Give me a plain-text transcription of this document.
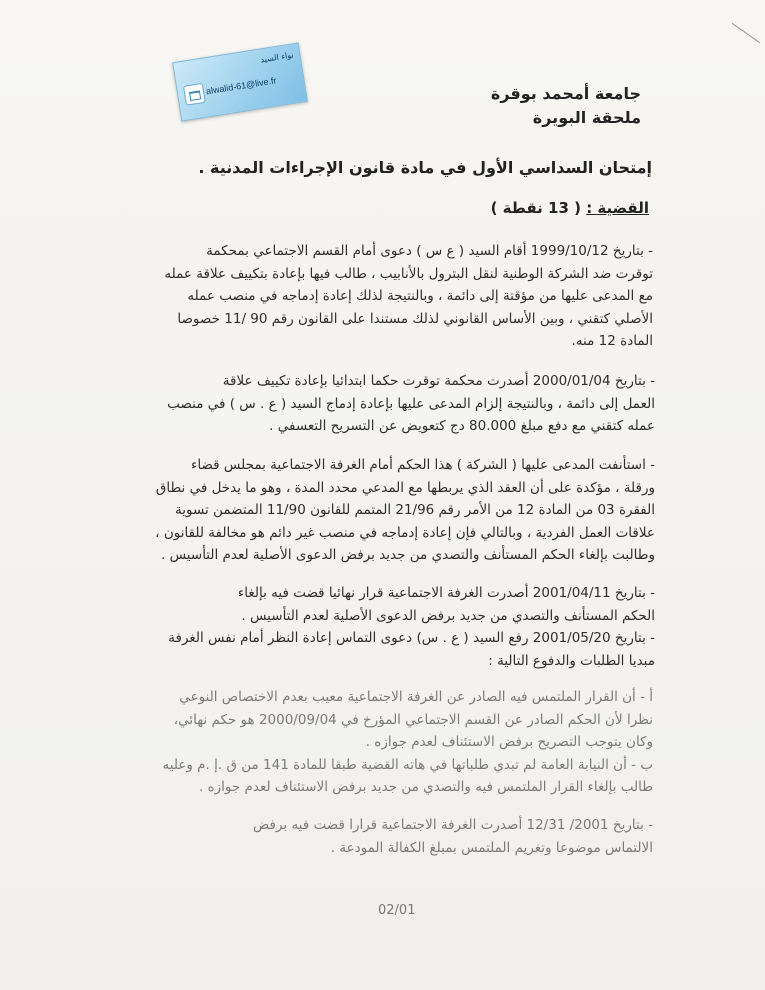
نواء السيد
alwalid-61@live.fr	جامعة أمحمد بوقرة
ملحقة البويرة
إمتحان السداسي الأول في مادة قانون الإجراءات المدنية .
القضية : ( 13 نقطة )

- بتاريخ 1999/10/12 أقام السيد ( ع س ) دعوى أمام القسم الاجتماعي بمحكمة

توقرت ضد الشركة الوطنية لنقل البترول بالأنابيب ، طالب فيها بإعادة بتكييف علاقة عمله

مع المدعى عليها من مؤقتة إلى دائمة ، وبالنتيجة لذلك إعادة إدماجه في منصب عمله

الأصلي كتقني ، وبين الأساس القانوني لذلك مستندا على القانون رقم 90 /11 خصوصا

المادة 12 منه.

- بتاريخ 2000/01/04 أصدرت محكمة توقرت حكما ابتدائيا بإعادة تكييف علاقة

العمل إلى دائمة ، وبالنتيجة إلزام المدعى عليها بإعادة إدماج السيد ( ع . س ) في منصب

عمله كتقني مع دفع مبلغ 80.000 دج كتعويض عن التسريح التعسفي .

- استأنفت المدعى عليها ( الشركة ) هذا الحكم أمام الغرفة الاجتماعية بمجلس قضاء

ورقلة ، مؤكدة على أن العقد الذي يربطها مع المدعي محدد المدة ، وهو ما يدخل في نطاق

الفقرة 03 من المادة 12 من الأمر رقم 21/96 المتمم للقانون 11/90 المتضمن تسوية

علاقات العمل الفردية ، وبالتالي فإن إعادة إدماجه في منصب غير دائم هو مخالفة للقانون ،

وطالبت بإلغاء الحكم المستأنف والتصدي من جديد برفض الدعوى الأصلية لعدم التأسيس .

- بتاريخ 2001/04/11 أصدرت الغرفة الاجتماعية قرار نهائيا قضت فيه بإلغاء

الحكم المستأنف والتصدي من جديد برفض الدعوى الأصلية لعدم التأسيس .

- بتاريخ 2001/05/20 رفع السيد ( ع . س) دعوى التماس إعادة النظر أمام نفس الغرفة

مبديا الطلبات والدفوع التالية :

أ - أن القرار الملتمس فيه الصادر عن الغرفة الاجتماعية معيب بعدم الاختصاص النوعي

نظرا لأن الحكم الصادر عن القسم الاجتماعي المؤرخ في 2000/09/04 هو حكم نهائي،

وكان يتوجب التصريح برفض الاستئناف لعدم جوازه .

ب - أن النيابة العامة لم تبدي طلباتها في هاته القضية طبقا للمادة 141 من ق .إ .م وعليه

طالب بإلغاء القرار الملتمس فيه والتصدي من جديد برفض الاستئناف لعدم جوازه .

- بتاريخ 2001/ 12/31 أصدرت الغرفة الاجتماعية قرارا قضت فيه برفض

الالتماس موضوعا وتغريم الملتمس بمبلغ الكفالة المودعة .

02/01
